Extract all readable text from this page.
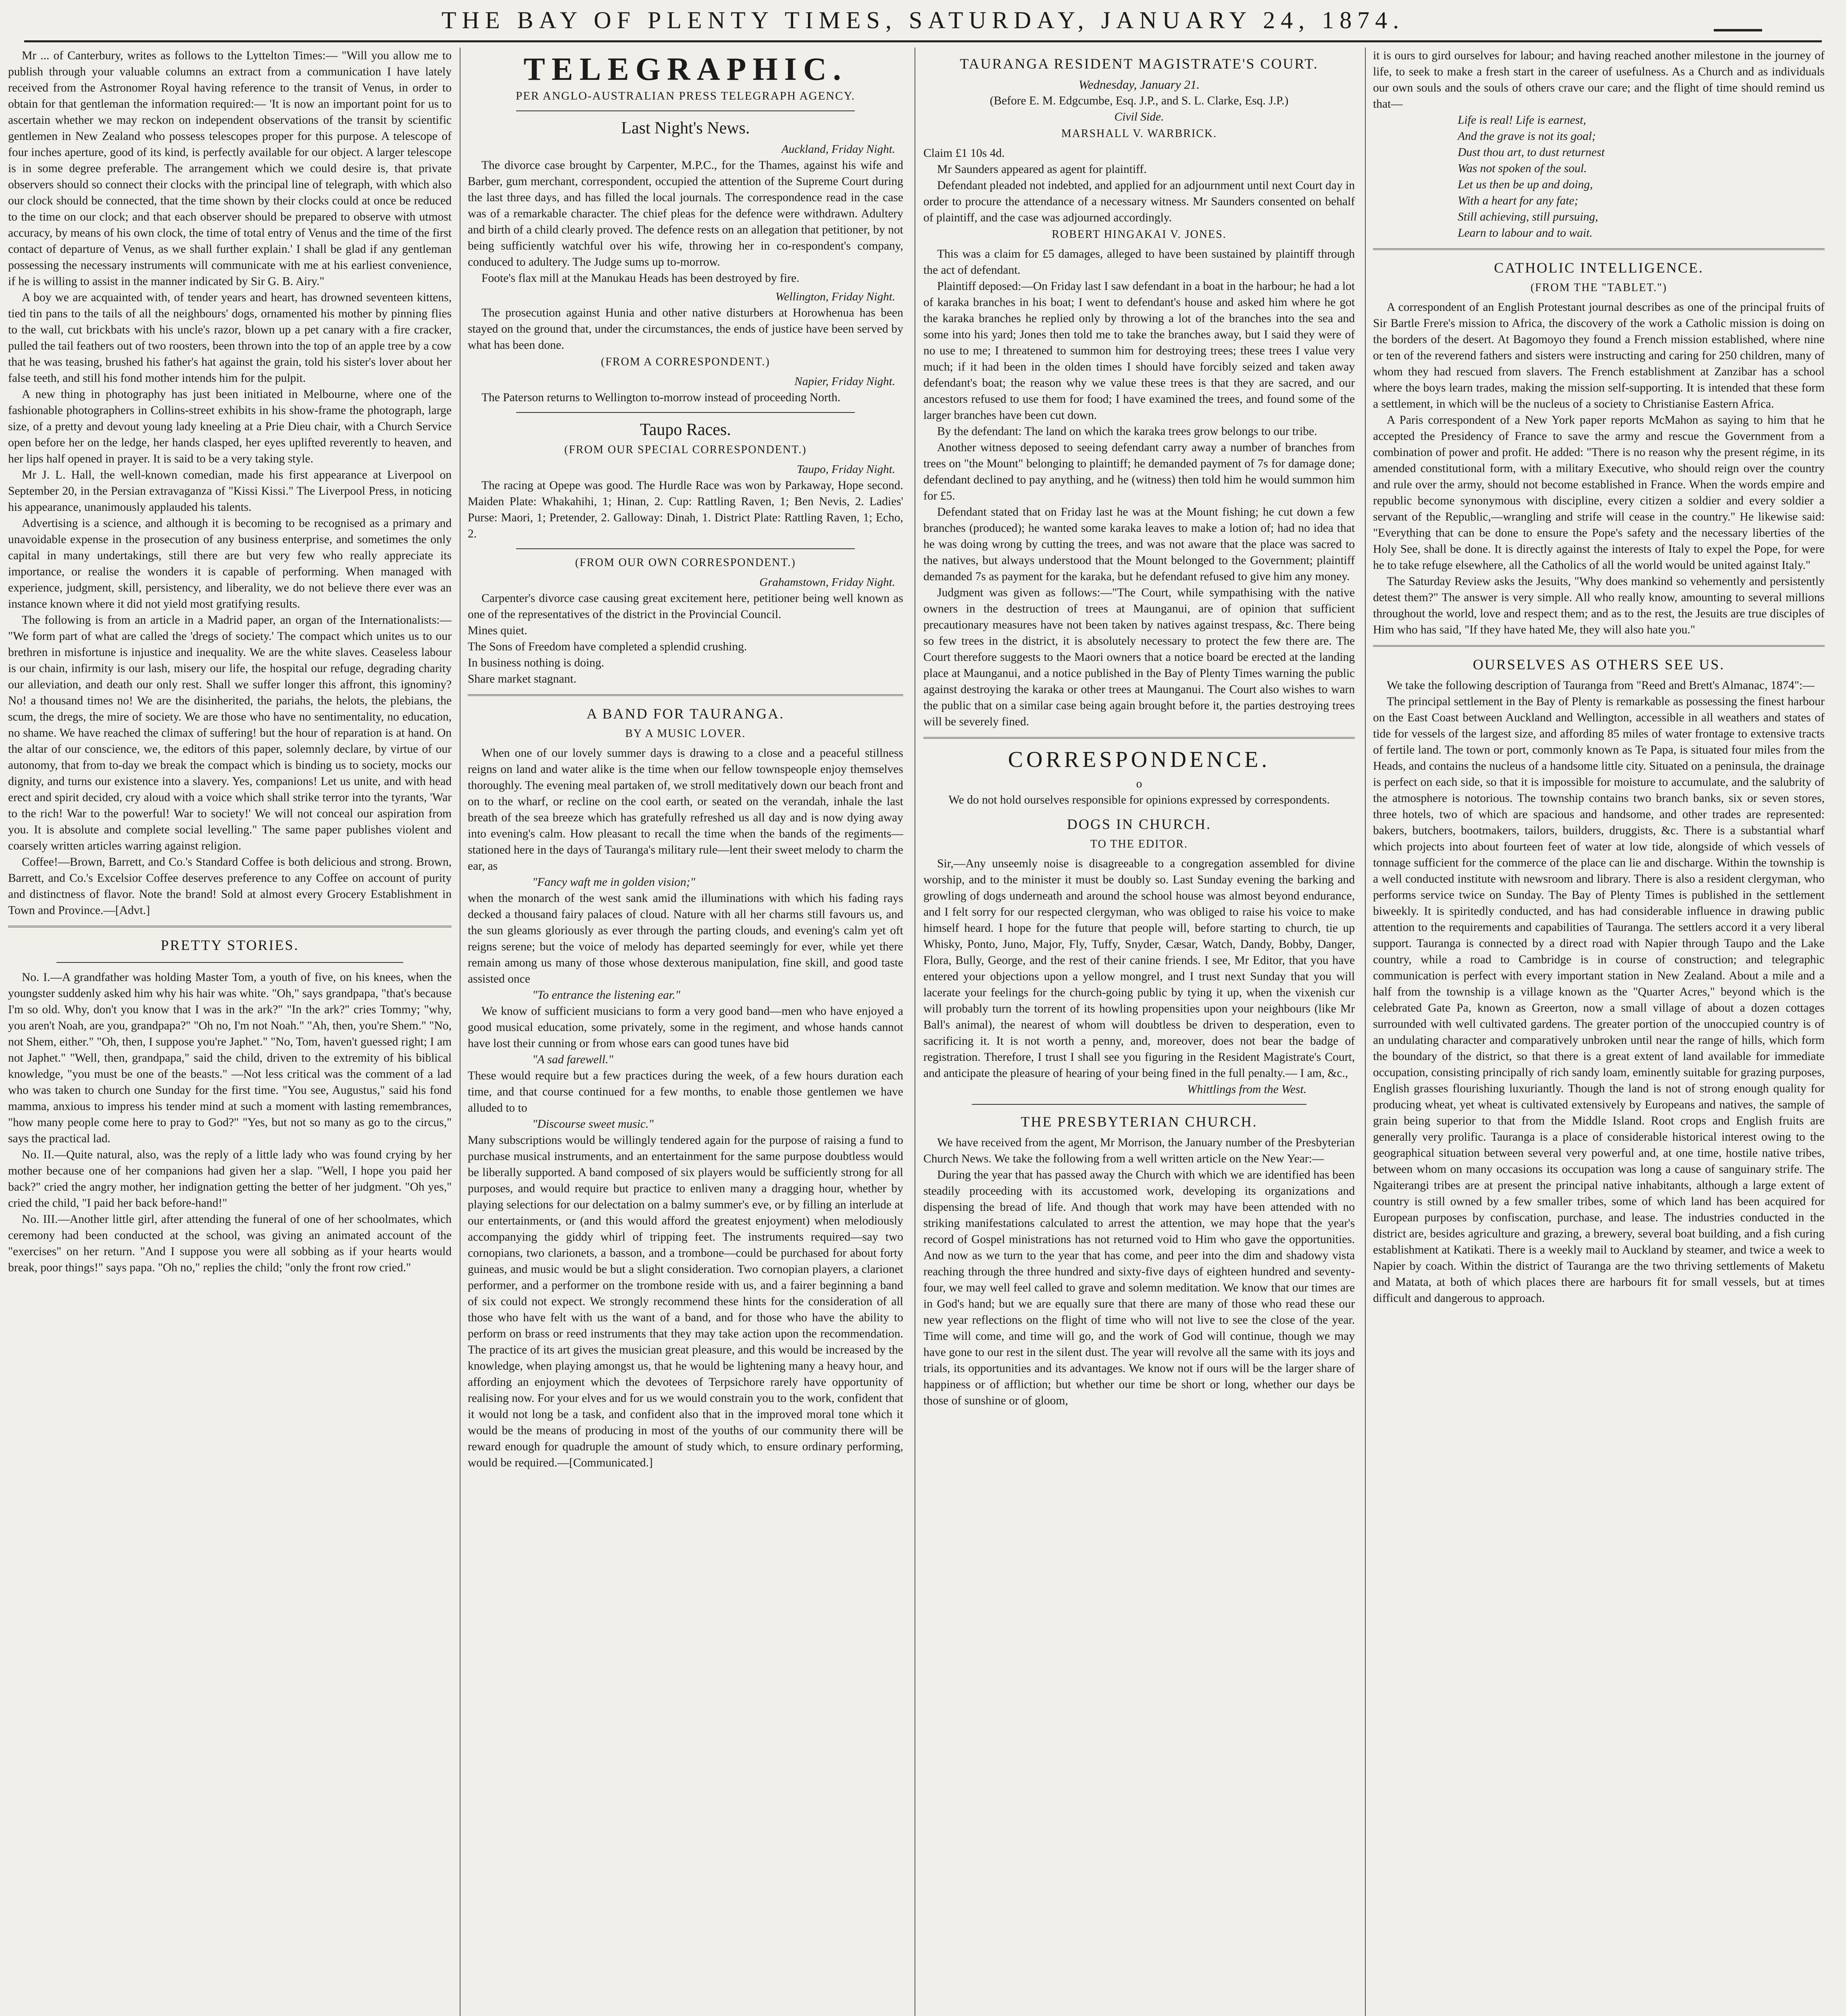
THE BAY OF PLENTY TIMES, SATURDAY, JANUARY 24, 1874.

Mr ... of Canterbury, writes as follows to the Lyttelton Times:— "Will you allow me to publish through your valuable columns an extract from a communication I have lately received from the Astronomer Royal having reference to the transit of Venus, in order to obtain for that gentleman the information required:— 'It is now an important point for us to ascertain whether we may reckon on independent observations of the transit by scientific gentlemen in New Zealand who possess telescopes proper for this purpose. A telescope of four inches aperture, good of its kind, is perfectly available for our object. A larger telescope is in some degree preferable. The arrangement which we could desire is, that private observers should so connect their clocks with the principal line of telegraph, with which also our clock should be connected, that the time shown by their clocks could at once be reduced to the time on our clock; and that each observer should be prepared to observe with utmost accuracy, by means of his own clock, the time of total entry of Venus and the time of the first contact of departure of Venus, as we shall further explain.' I shall be glad if any gentleman possessing the necessary instruments will communicate with me at his earliest convenience, if he is willing to assist in the manner indicated by Sir G. B. Airy."

A boy we are acquainted with, of tender years and heart, has drowned seventeen kittens, tied tin pans to the tails of all the neighbours' dogs, ornamented his mother by pinning flies to the wall, cut brickbats with his uncle's razor, blown up a pet canary with a fire cracker, pulled the tail feathers out of two roosters, been thrown into the top of an apple tree by a cow that he was teasing, brushed his father's hat against the grain, told his sister's lover about her false teeth, and still his fond mother intends him for the pulpit.

A new thing in photography has just been initiated in Melbourne, where one of the fashionable photographers in Collins-street exhibits in his show-frame the photograph, large size, of a pretty and devout young lady kneeling at a Prie Dieu chair, with a Church Service open before her on the ledge, her hands clasped, her eyes uplifted reverently to heaven, and her lips half opened in prayer. It is said to be a very taking style.

Mr J. L. Hall, the well-known comedian, made his first appearance at Liverpool on September 20, in the Persian extravaganza of "Kissi Kissi." The Liverpool Press, in noticing his appearance, unanimously applauded his talents.

Advertising is a science, and although it is becoming to be recognised as a primary and unavoidable expense in the prosecution of any business enterprise, and sometimes the only capital in many undertakings, still there are but very few who really appreciate its importance, or realise the wonders it is capable of performing. When managed with experience, judgment, skill, persistency, and liberality, we do not believe there ever was an instance known where it did not yield most gratifying results.

The following is from an article in a Madrid paper, an organ of the Internationalists:— "We form part of what are called the 'dregs of society.' The compact which unites us to our brethren in misfortune is injustice and inequality. We are the white slaves. Ceaseless labour is our chain, infirmity is our lash, misery our life, the hospital our refuge, degrading charity our alleviation, and death our only rest. Shall we suffer longer this affront, this ignominy? No! a thousand times no! We are the disinherited, the pariahs, the helots, the plebians, the scum, the dregs, the mire of society. We are those who have no sentimentality, no education, no shame. We have reached the climax of suffering! but the hour of reparation is at hand. On the altar of our conscience, we, the editors of this paper, solemnly declare, by virtue of our autonomy, that from to-day we break the compact which is binding us to society, mocks our dignity, and turns our existence into a slavery. Yes, companions! Let us unite, and with head erect and spirit decided, cry aloud with a voice which shall strike terror into the tyrants, 'War to the rich! War to the powerful! War to society!' We will not conceal our aspiration from you. It is absolute and complete social levelling." The same paper publishes violent and coarsely written articles warring against religion.

Coffee!—Brown, Barrett, and Co.'s Standard Coffee is both delicious and strong. Brown, Barrett, and Co.'s Excelsior Coffee deserves preference to any Coffee on account of purity and distinctness of flavor. Note the brand! Sold at almost every Grocery Establishment in Town and Province.—[Advt.]

PRETTY STORIES.

No. I.—A grandfather was holding Master Tom, a youth of five, on his knees, when the youngster suddenly asked him why his hair was white. "Oh," says grandpapa, "that's because I'm so old. Why, don't you know that I was in the ark?" "In the ark?" cries Tommy; "why, you aren't Noah, are you, grandpapa?" "Oh no, I'm not Noah." "Ah, then, you're Shem." "No, not Shem, either." "Oh, then, I suppose you're Japhet." "No, Tom, haven't guessed right; I am not Japhet." "Well, then, grandpapa," said the child, driven to the extremity of his biblical knowledge, "you must be one of the beasts." —Not less critical was the comment of a lad who was taken to church one Sunday for the first time. "You see, Augustus," said his fond mamma, anxious to impress his tender mind at such a moment with lasting remembrances, "how many people come here to pray to God?" "Yes, but not so many as go to the circus," says the practical lad.

No. II.—Quite natural, also, was the reply of a little lady who was found crying by her mother because one of her companions had given her a slap. "Well, I hope you paid her back?" cried the angry mother, her indignation getting the better of her judgment. "Oh yes," cried the child, "I paid her back before-hand!"

No. III.—Another little girl, after attending the funeral of one of her schoolmates, which ceremony had been conducted at the school, was giving an animated account of the "exercises" on her return. "And I suppose you were all sobbing as if your hearts would break, poor things!" says papa. "Oh no," replies the child; "only the front row cried."

TELEGRAPHIC.
PER ANGLO-AUSTRALIAN PRESS TELEGRAPH AGENCY.
Last Night's News.

Auckland, Friday Night.

The divorce case brought by Carpenter, M.P.C., for the Thames, against his wife and Barber, gum merchant, correspondent, occupied the attention of the Supreme Court during the last three days, and has filled the local journals. The correspondence read in the case was of a remarkable character. The chief pleas for the defence were withdrawn. Adultery and birth of a child clearly proved. The defence rests on an allegation that petitioner, by not being sufficiently watchful over his wife, throwing her in co-respondent's company, conduced to adultery. The Judge sums up to-morrow.

Foote's flax mill at the Manukau Heads has been destroyed by fire.

Wellington, Friday Night.

The prosecution against Hunia and other native disturbers at Horowhenua has been stayed on the ground that, under the circumstances, the ends of justice have been served by what has been done.

(FROM A CORRESPONDENT.)

Napier, Friday Night.

The Paterson returns to Wellington to-morrow instead of proceeding North.

Taupo Races.
(FROM OUR SPECIAL CORRESPONDENT.)

Taupo, Friday Night.

The racing at Opepe was good. The Hurdle Race was won by Parkaway, Hope second. Maiden Plate: Whakahihi, 1; Hinan, 2. Cup: Rattling Raven, 1; Ben Nevis, 2. Ladies' Purse: Maori, 1; Pretender, 2. Galloway: Dinah, 1. District Plate: Rattling Raven, 1; Echo, 2.

(FROM OUR OWN CORRESPONDENT.)

Grahamstown, Friday Night.

Carpenter's divorce case causing great excitement here, petitioner being well known as one of the representatives of the district in the Provincial Council.

Mines quiet.

The Sons of Freedom have completed a splendid crushing.

In business nothing is doing.

Share market stagnant.

A BAND FOR TAURANGA.
BY A MUSIC LOVER.

When one of our lovely summer days is drawing to a close and a peaceful stillness reigns on land and water alike is the time when our fellow townspeople enjoy themselves thoroughly. The evening meal partaken of, we stroll meditatively down our beach front and on to the wharf, or recline on the cool earth, or seated on the verandah, inhale the last breath of the sea breeze which has gratefully refreshed us all day and is now dying away into evening's calm. How pleasant to recall the time when the bands of the regiments—stationed here in the days of Tauranga's military rule—lent their sweet melody to charm the ear, as

"Fancy waft me in golden vision;"

when the monarch of the west sank amid the illuminations with which his fading rays decked a thousand fairy palaces of cloud. Nature with all her charms still favours us, and the sun gleams gloriously as ever through the parting clouds, and evening's calm yet oft reigns serene; but the voice of melody has departed seemingly for ever, while yet there remain among us many of those whose dexterous manipulation, fine skill, and good taste assisted once

"To entrance the listening ear."

We know of sufficient musicians to form a very good band—men who have enjoyed a good musical education, some privately, some in the regiment, and whose hands cannot have lost their cunning or from whose ears can good tunes have bid

"A sad farewell."

These would require but a few practices during the week, of a few hours duration each time, and that course continued for a few months, to enable those gentlemen we have alluded to to

"Discourse sweet music."

Many subscriptions would be willingly tendered again for the purpose of raising a fund to purchase musical instruments, and an entertainment for the same purpose doubtless would be liberally supported. A band composed of six players would be sufficiently strong for all purposes, and would require but practice to enliven many a dragging hour, whether by playing selections for our delectation on a balmy summer's eve, or by filling an interlude at our entertainments, or (and this would afford the greatest enjoyment) when melodiously accompanying the giddy whirl of tripping feet. The instruments required—say two cornopians, two clarionets, a basson, and a trombone—could be purchased for about forty guineas, and music would be but a slight consideration. Two cornopian players, a clarionet performer, and a performer on the trombone reside with us, and a fairer beginning a band of six could not expect. We strongly recommend these hints for the consideration of all those who have felt with us the want of a band, and for those who have the ability to perform on brass or reed instruments that they may take action upon the recommendation. The practice of its art gives the musician great pleasure, and this would be increased by the knowledge, when playing amongst us, that he would be lightening many a heavy hour, and affording an enjoyment which the devotees of Terpsichore rarely have opportunity of realising now. For your elves and for us we would constrain you to the work, confident that it would not long be a task, and confident also that in the improved moral tone which it would be the means of producing in most of the youths of our community there will be reward enough for quadruple the amount of study which, to ensure ordinary performing, would be required.—[Communicated.]

TAURANGA RESIDENT MAGISTRATE'S COURT.
Wednesday, January 21.
(Before E. M. Edgcumbe, Esq. J.P., and S. L. Clarke, Esq. J.P.)
Civil Side.
MARSHALL V. WARBRICK.

Claim £1 10s 4d.

Mr Saunders appeared as agent for plaintiff.

Defendant pleaded not indebted, and applied for an adjournment until next Court day in order to procure the attendance of a necessary witness. Mr Saunders consented on behalf of plaintiff, and the case was adjourned accordingly.

ROBERT HINGAKAI V. JONES.

This was a claim for £5 damages, alleged to have been sustained by plaintiff through the act of defendant.

Plaintiff deposed:—On Friday last I saw defendant in a boat in the harbour; he had a lot of karaka branches in his boat; I went to defendant's house and asked him where he got the karaka branches he replied only by throwing a lot of the branches into the sea and some into his yard; Jones then told me to take the branches away, but I said they were of no use to me; I threatened to summon him for destroying trees; these trees I value very much; if it had been in the olden times I should have forcibly seized and taken away defendant's boat; the reason why we value these trees is that they are sacred, and our ancestors refused to use them for food; I have examined the trees, and found some of the larger branches have been cut down.

By the defendant: The land on which the karaka trees grow belongs to our tribe.

Another witness deposed to seeing defendant carry away a number of branches from trees on "the Mount" belonging to plaintiff; he demanded payment of 7s for damage done; defendant declined to pay anything, and he (witness) then told him he would summon him for £5.

Defendant stated that on Friday last he was at the Mount fishing; he cut down a few branches (produced); he wanted some karaka leaves to make a lotion of; had no idea that he was doing wrong by cutting the trees, and was not aware that the place was sacred to the natives, but always understood that the Mount belonged to the Government; plaintiff demanded 7s as payment for the karaka, but he defendant refused to give him any money.

Judgment was given as follows:—"The Court, while sympathising with the native owners in the destruction of trees at Maunganui, are of opinion that sufficient precautionary measures have not been taken by natives against trespass, &c. There being so few trees in the district, it is absolutely necessary to protect the few there are. The Court therefore suggests to the Maori owners that a notice board be erected at the landing place at Maunganui, and a notice published in the Bay of Plenty Times warning the public against destroying the karaka or other trees at Maunganui. The Court also wishes to warn the public that on a similar case being again brought before it, the parties destroying trees will be severely fined.

CORRESPONDENCE.
o

We do not hold ourselves responsible for opinions expressed by correspondents.

DOGS IN CHURCH.
TO THE EDITOR.

Sir,—Any unseemly noise is disagreeable to a congregation assembled for divine worship, and to the minister it must be doubly so. Last Sunday evening the barking and growling of dogs underneath and around the school house was almost beyond endurance, and I felt sorry for our respected clergyman, who was obliged to raise his voice to make himself heard. I hope for the future that people will, before starting to church, tie up Whisky, Ponto, Juno, Major, Fly, Tuffy, Snyder, Cæsar, Watch, Dandy, Bobby, Danger, Flora, Bully, George, and the rest of their canine friends. I see, Mr Editor, that you have entered your objections upon a yellow mongrel, and I trust next Sunday that you will lacerate your feelings for the church-going public by tying it up, when the vixenish cur will probably turn the torrent of its howling propensities upon your neighbours (like Mr Ball's animal), the nearest of whom will doubtless be driven to desperation, even to sacrificing it. It is not worth a penny, and, moreover, does not bear the badge of registration. Therefore, I trust I shall see you figuring in the Resident Magistrate's Court, and anticipate the pleasure of hearing of your being fined in the full penalty.— I am, &c.,

Whittlings from the West.

THE PRESBYTERIAN CHURCH.

We have received from the agent, Mr Morrison, the January number of the Presbyterian Church News. We take the following from a well written article on the New Year:—

During the year that has passed away the Church with which we are identified has been steadily proceeding with its accustomed work, developing its organizations and dispensing the bread of life. And though that work may have been attended with no striking manifestations calculated to arrest the attention, we may hope that the year's record of Gospel ministrations has not returned void to Him who gave the opportunities. And now as we turn to the year that has come, and peer into the dim and shadowy vista reaching through the three hundred and sixty-five days of eighteen hundred and seventy-four, we may well feel called to grave and solemn meditation. We know that our times are in God's hand; but we are equally sure that there are many of those who read these our new year reflections on the flight of time who will not live to see the close of the year. Time will come, and time will go, and the work of God will continue, though we may have gone to our rest in the silent dust. The year will revolve all the same with its joys and trials, its opportunities and its advantages. We know not if ours will be the larger share of happiness or of affliction; but whether our time be short or long, whether our days be those of sunshine or of gloom,

it is ours to gird ourselves for labour; and having reached another milestone in the journey of life, to seek to make a fresh start in the career of usefulness. As a Church and as individuals our own souls and the souls of others crave our care; and the flight of time should remind us that—

Life is real! Life is earnest,

And the grave is not its goal;

Dust thou art, to dust returnest

Was not spoken of the soul.

Let us then be up and doing,

With a heart for any fate;

Still achieving, still pursuing,

Learn to labour and to wait.

CATHOLIC INTELLIGENCE.
(FROM THE "TABLET.")

A correspondent of an English Protestant journal describes as one of the principal fruits of Sir Bartle Frere's mission to Africa, the discovery of the work a Catholic mission is doing on the borders of the desert. At Bagomoyo they found a French mission established, where nine or ten of the reverend fathers and sisters were instructing and caring for 250 children, many of whom they had rescued from slavers. The French establishment at Zanzibar has a school where the boys learn trades, making the mission self-supporting. It is intended that these form a settlement, in which will be the nucleus of a society to Christianise Eastern Africa.

A Paris correspondent of a New York paper reports McMahon as saying to him that he accepted the Presidency of France to save the army and rescue the Government from a combination of power and profit. He added: "There is no reason why the present régime, in its amended constitutional form, with a military Executive, who should reign over the country and rule over the army, should not become established in France. When the words empire and republic become synonymous with discipline, every citizen a soldier and every soldier a servant of the Republic,—wrangling and strife will cease in the country." He likewise said: "Everything that can be done to ensure the Pope's safety and the necessary liberties of the Holy See, shall be done. It is directly against the interests of Italy to expel the Pope, for were he to take refuge elsewhere, all the Catholics of all the world would be united against Italy."

The Saturday Review asks the Jesuits, "Why does mankind so vehemently and persistently detest them?" The answer is very simple. All who really know, amounting to several millions throughout the world, love and respect them; and as to the rest, the Jesuits are true disciples of Him who has said, "If they have hated Me, they will also hate you."

OURSELVES AS OTHERS SEE US.

We take the following description of Tauranga from "Reed and Brett's Almanac, 1874":—

The principal settlement in the Bay of Plenty is remarkable as possessing the finest harbour on the East Coast between Auckland and Wellington, accessible in all weathers and states of tide for vessels of the largest size, and affording 85 miles of water frontage to extensive tracts of fertile land. The town or port, commonly known as Te Papa, is situated four miles from the Heads, and contains the nucleus of a handsome little city. Situated on a peninsula, the drainage is perfect on each side, so that it is impossible for moisture to accumulate, and the salubrity of the atmosphere is notorious. The township contains two branch banks, six or seven stores, three hotels, two of which are spacious and handsome, and other trades are represented: bakers, butchers, bootmakers, tailors, builders, druggists, &c. There is a substantial wharf which projects into about fourteen feet of water at low tide, alongside of which vessels of tonnage sufficient for the commerce of the place can lie and discharge. Within the township is a well conducted institute with newsroom and library. There is also a resident clergyman, who performs service twice on Sunday. The Bay of Plenty Times is published in the settlement biweekly. It is spiritedly conducted, and has had considerable influence in drawing public attention to the requirements and capabilities of Tauranga. The settlers accord it a very liberal support. Tauranga is connected by a direct road with Napier through Taupo and the Lake country, while a road to Cambridge is in course of construction; and telegraphic communication is perfect with every important station in New Zealand. About a mile and a half from the township is a village known as the "Quarter Acres," beyond which is the celebrated Gate Pa, known as Greerton, now a small village of about a dozen cottages surrounded with well cultivated gardens. The greater portion of the unoccupied country is of an undulating character and comparatively unbroken until near the range of hills, which form the boundary of the district, so that there is a great extent of land available for immediate occupation, consisting principally of rich sandy loam, eminently suitable for grazing purposes, English grasses flourishing luxuriantly. Though the land is not of strong enough quality for producing wheat, yet wheat is cultivated extensively by Europeans and natives, the sample of grain being superior to that from the Middle Island. Root crops and English fruits are generally very prolific. Tauranga is a place of considerable historical interest owing to the geographical situation between several very powerful and, at one time, hostile native tribes, between whom on many occasions its occupation was long a cause of sanguinary strife. The Ngaiterangi tribes are at present the principal native inhabitants, although a large extent of country is still owned by a few smaller tribes, some of which land has been acquired for European purposes by confiscation, purchase, and lease. The industries conducted in the district are, besides agriculture and grazing, a brewery, several boat building, and a fish curing establishment at Katikati. There is a weekly mail to Auckland by steamer, and twice a week to Napier by coach. Within the district of Tauranga are the two thriving settlements of Maketu and Matata, at both of which places there are harbours fit for small vessels, but at times difficult and dangerous to approach.
